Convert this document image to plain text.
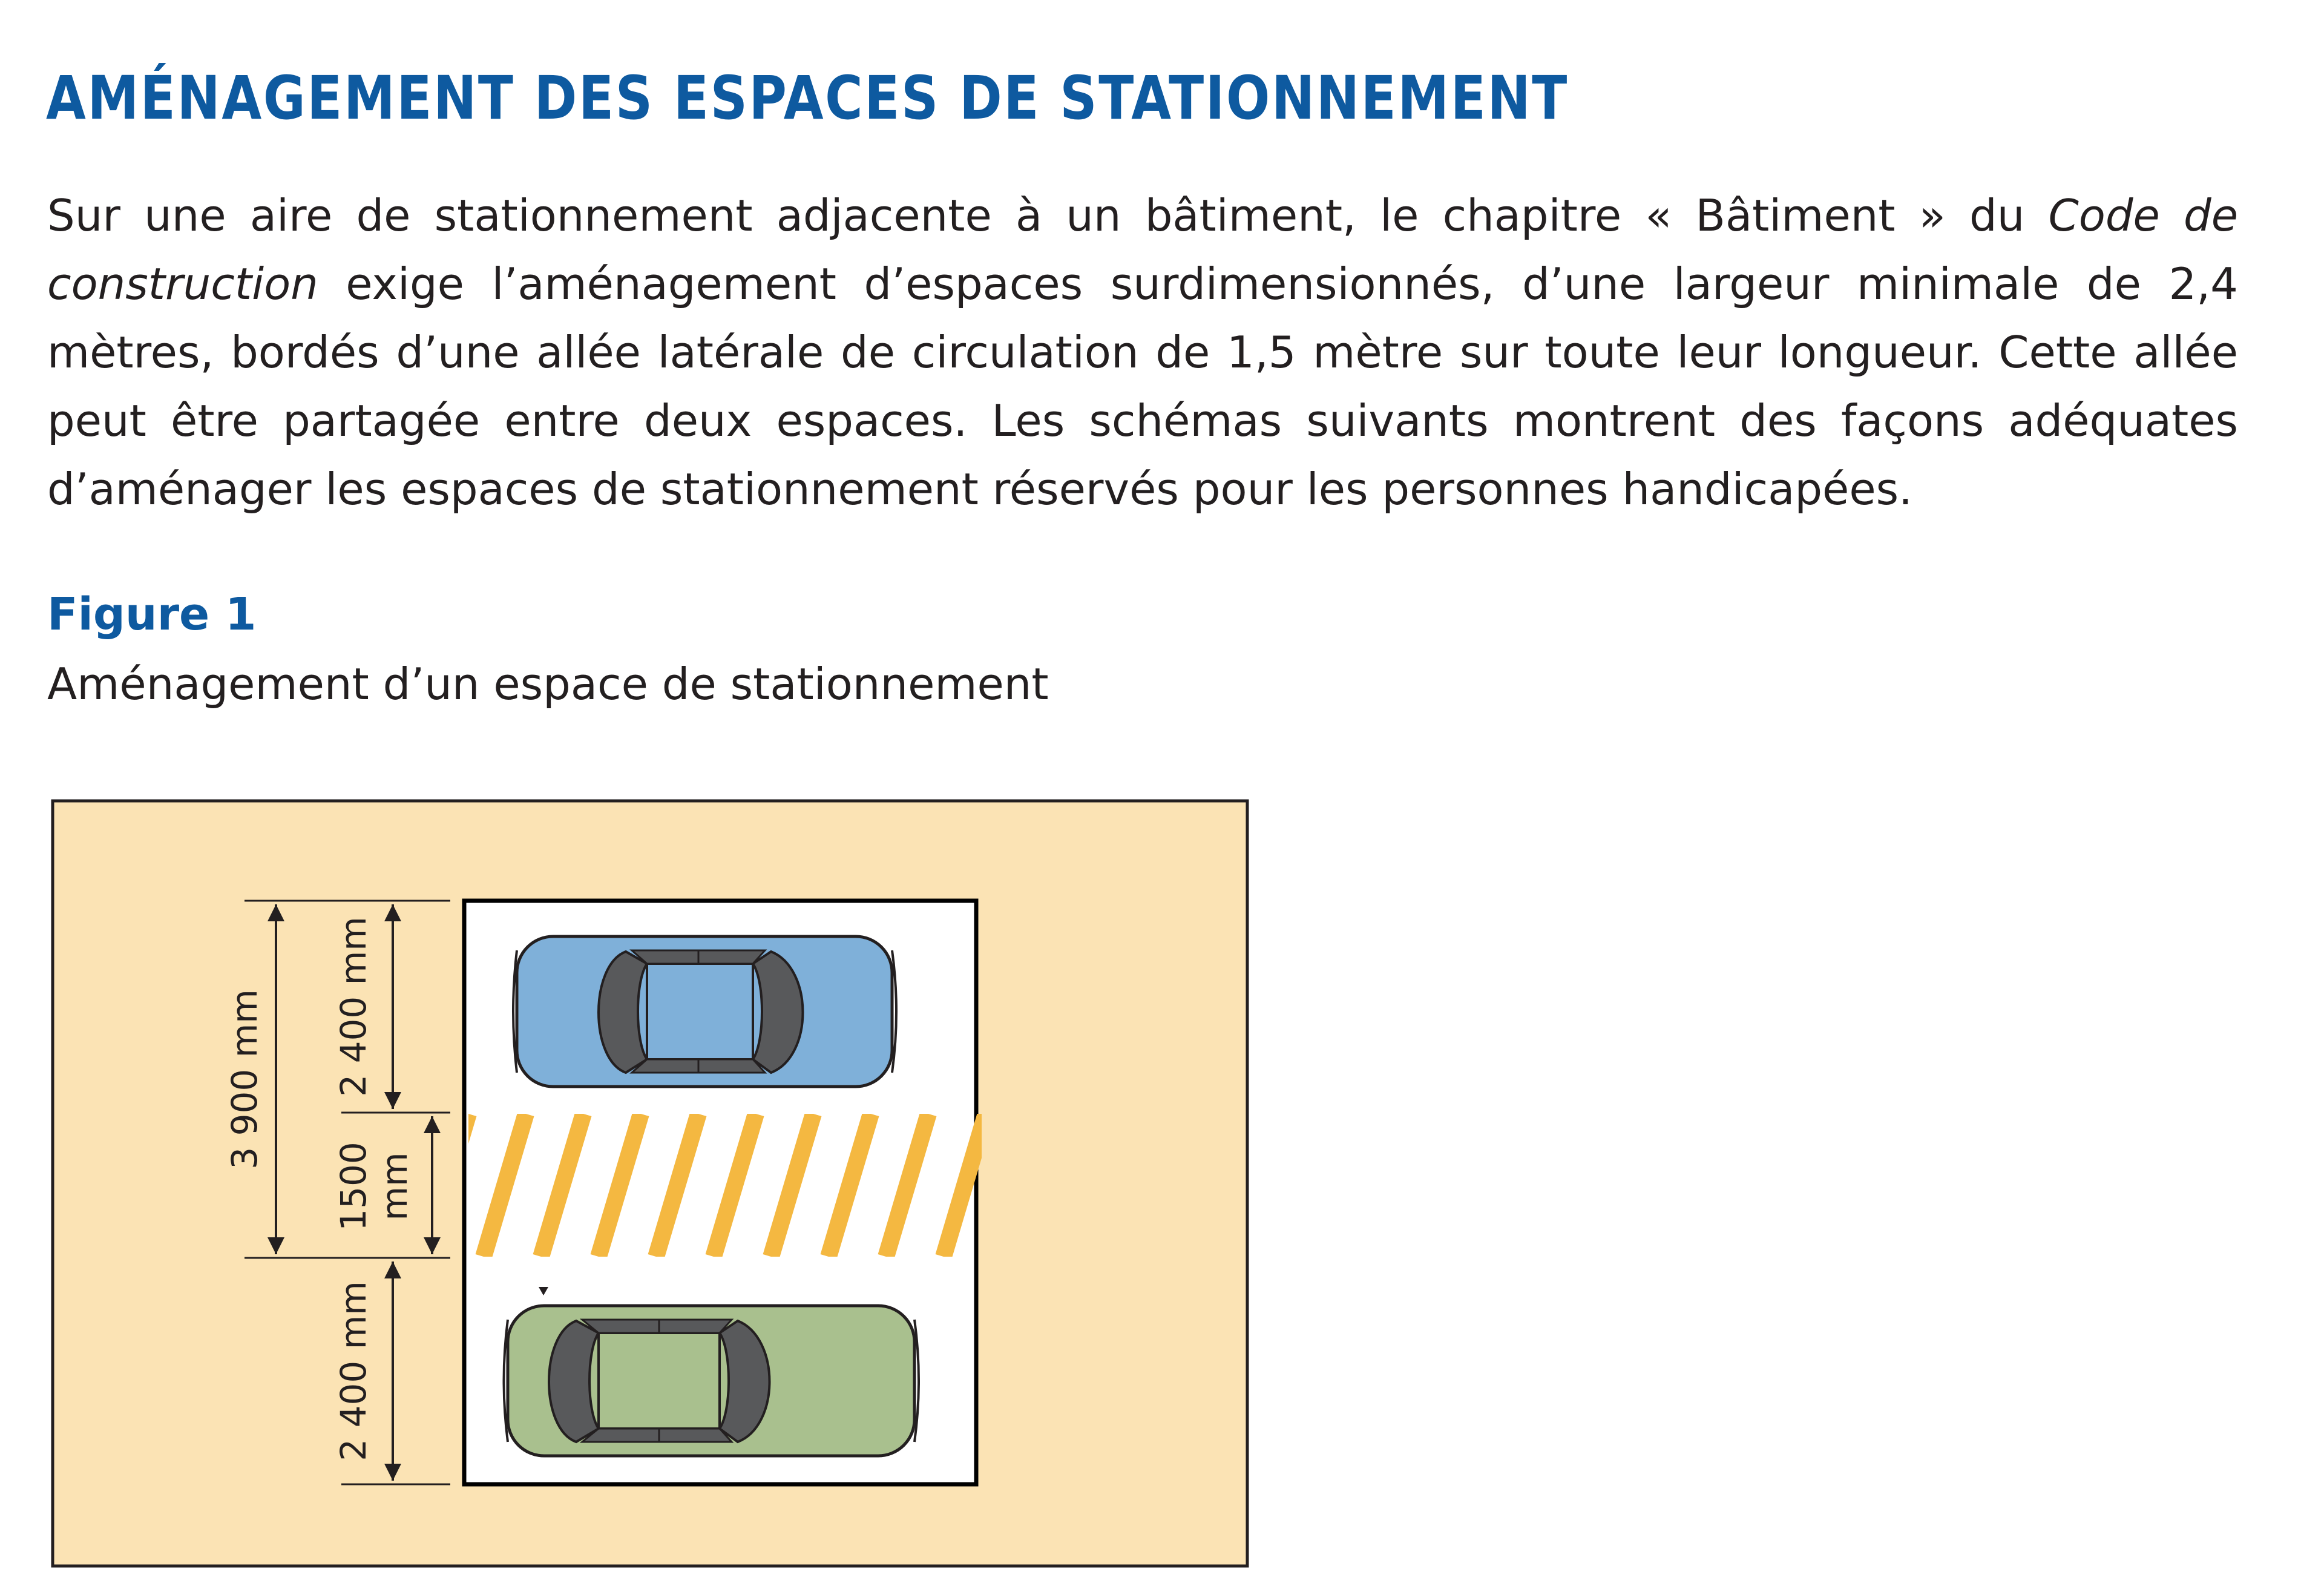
AMÉNAGEMENT DES ESPACES DE STATIONNEMENT

Sur une aire de stationnement adjacente à un bâtiment, le chapitre « Bâtiment » du Code de construction exige l’aménagement d’espaces surdimensionnés, d’une largeur minimale de 2,4 mètres, bordés d’une allée latérale de circulation de 1,5 mètre sur toute leur longueur. Cette allée peut être partagée entre deux espaces. Les schémas suivants montrent des façons adéquates d’aménager les espaces de stationnement réservés pour les personnes handicapées.

Figure 1
Aménagement d’un espace de stationnement
3 900 mm 2 400 mm
1500 mm
2 400 mm
